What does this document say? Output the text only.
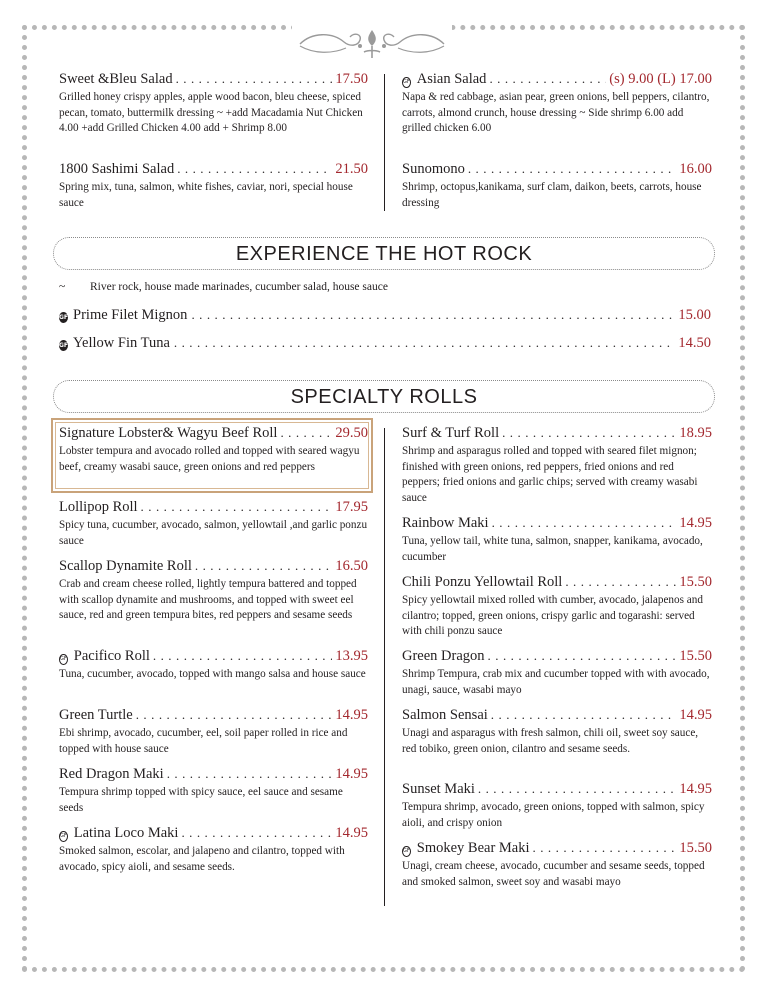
Sweet &Bleu Salad . . .	17.50
Grilled honey crispy apples, apple wood bacon, bleu cheese, spiced pecan, tomato, buttermilk dressing ~ +add Macadamia Nut Chicken 4.00 +add Grilled Chicken 4.00 add + Shrimp 8.00
1800 Sashimi Salad . . .	21.50
Spring mix, tuna, salmon, white fishes, caviar, nori, special house sauce
GF Asian Salad . . .	(s) 9.00 (L) 17.00
Napa & red cabbage, asian pear, green onions, bell peppers, cilantro, carrots, almond crunch, house dressing ~ Side shrimp 6.00 add grilled chicken 6.00
Sunomono . . .	16.00
Shrimp, octopus,kanikama, surf clam, daikon, beets, carrots, house dressing
EXPERIENCE THE HOT ROCK
~ River rock, house made marinades, cucumber salad, house sauce
GF Prime Filet Mignon . . .	15.00
GF Yellow Fin Tuna . . .	14.50
SPECIALTY ROLLS
Signature Lobster& Wagyu Beef Roll . . .	29.50
Lobster tempura and avocado rolled and topped with seared wagyu beef, creamy wasabi sauce, green onions and red peppers
Lollipop Roll . . .	17.95
Spicy tuna, cucumber, avocado, salmon, yellowtail ,and garlic ponzu sauce
Scallop Dynamite Roll . . .	16.50
Crab and cream cheese rolled, lightly tempura battered and topped with scallop dynamite and mushrooms, and topped with sweet eel sauce, red and green tempura bites, red peppers and sesame seeds
GF Pacifico Roll . . .	13.95
Tuna, cucumber, avocado, topped with mango salsa and house sauce
Green Turtle . . .	14.95
Ebi shrimp, avocado, cucumber, eel, soil paper rolled in rice and topped with house sauce
Red Dragon Maki . . .	14.95
Tempura shrimp topped with spicy sauce, eel sauce and sesame seeds
GF Latina Loco Maki . . .	14.95
Smoked salmon, escolar, and jalapeno and cilantro, topped with avocado, spicy aioli, and sesame seeds.
Surf & Turf Roll . . .	18.95
Shrimp and asparagus rolled and topped with seared filet mignon; finished with green onions, red peppers, fried onions and red peppers; fried onions and garlic chips; served with creamy wasabi sauce
Rainbow Maki . . .	14.95
Tuna, yellow tail, white tuna, salmon, snapper, kanikama, avocado, cucumber
Chili Ponzu Yellowtail Roll . . .	15.50
Spicy yellowtail mixed rolled with cumber, avocado, jalapenos and cilantro; topped, green onions, crispy garlic and togarashi: served with chili ponzu sauce
Green Dragon . . .	15.50
Shrimp Tempura, crab mix and cucumber topped with with avocado, unagi, sauce, wasabi mayo
Salmon Sensai . . .	14.95
Unagi and asparagus with fresh salmon, chili oil, sweet soy sauce, red tobiko, green onion, cilantro and sesame seeds.
Sunset Maki . . .	14.95
Tempura shrimp, avocado, green onions, topped with salmon, spicy aioli, and crispy onion
GF Smokey Bear Maki . . .	15.50
Unagi, cream cheese, avocado, cucumber and sesame seeds, topped and smoked salmon, sweet soy and wasabi mayo
